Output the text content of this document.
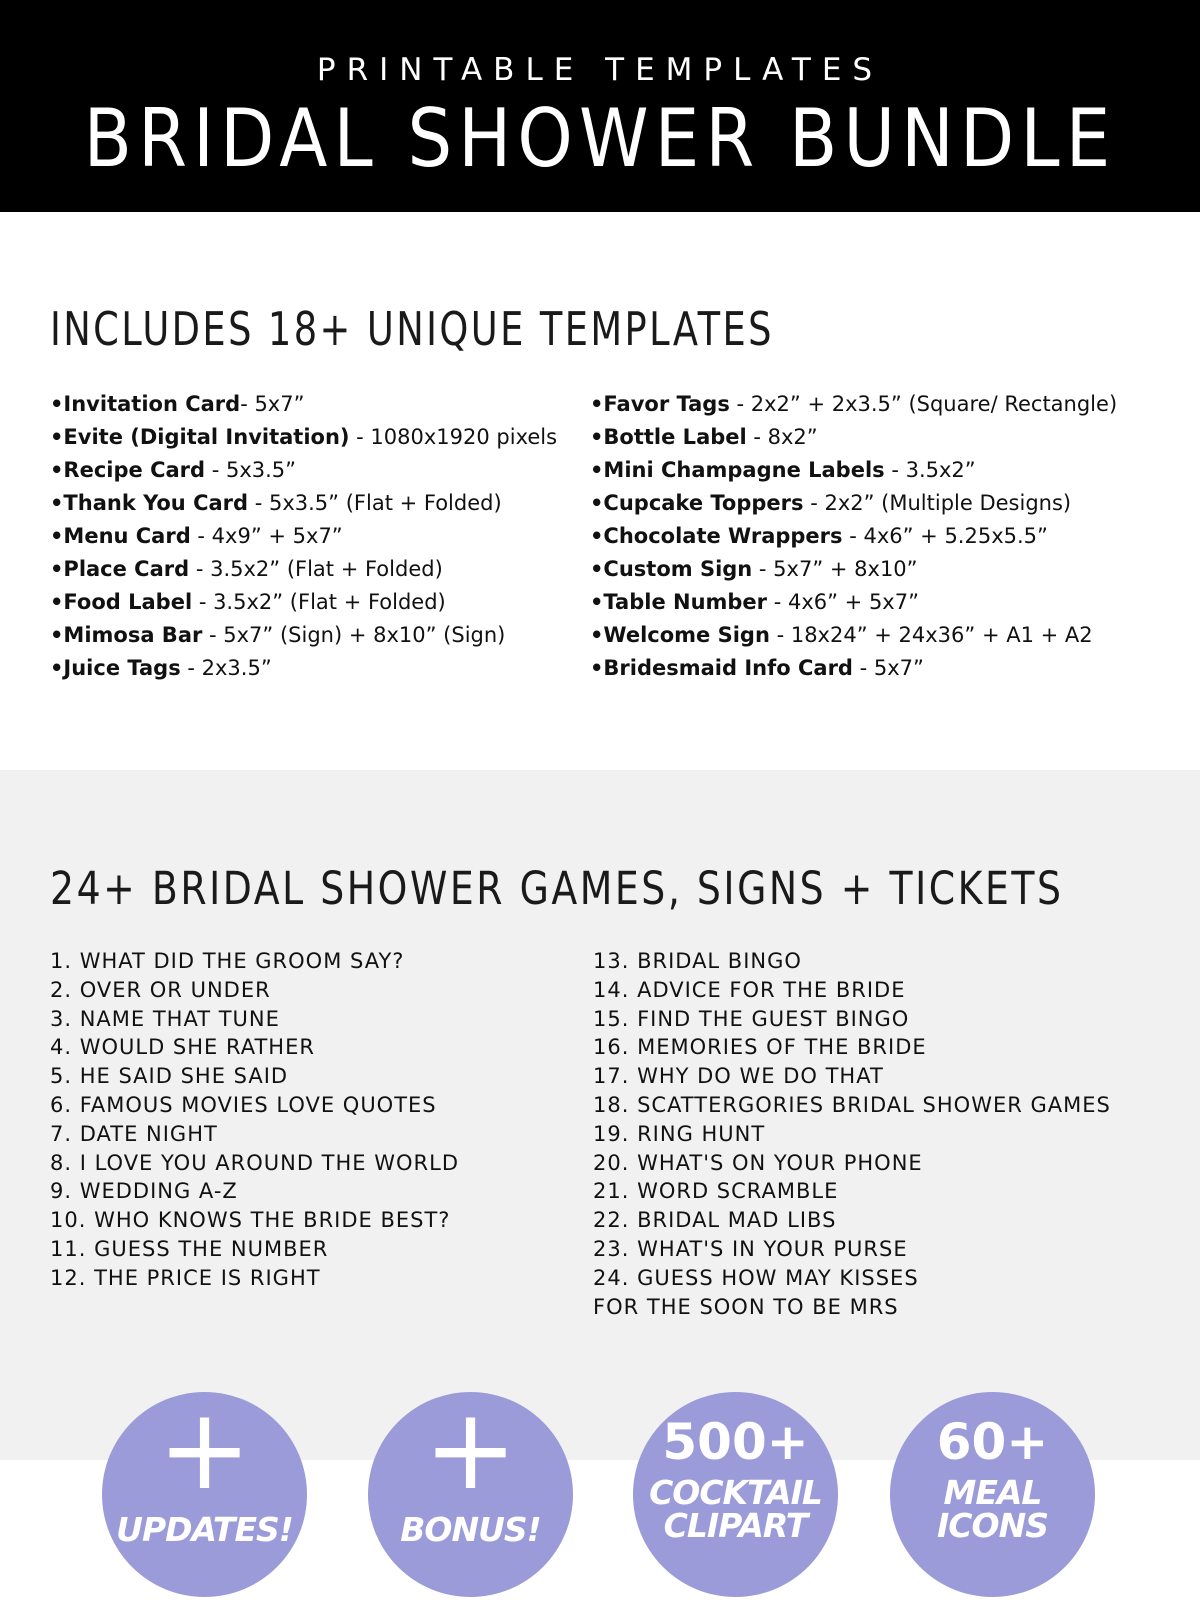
PRINTABLE TEMPLATES
BRIDAL SHOWER BUNDLE
INCLUDES 18+ UNIQUE TEMPLATES
•Invitation Card- 5x7”
•Evite (Digital Invitation) - 1080x1920 pixels
•Recipe Card - 5x3.5”
•Thank You Card - 5x3.5” (Flat + Folded)
•Menu Card - 4x9” + 5x7”
•Place Card - 3.5x2” (Flat + Folded)
•Food Label - 3.5x2” (Flat + Folded)
•Mimosa Bar - 5x7” (Sign) + 8x10” (Sign)
•Juice Tags - 2x3.5”
•Favor Tags - 2x2” + 2x3.5” (Square/ Rectangle)
•Bottle Label - 8x2”
•Mini Champagne Labels - 3.5x2”
•Cupcake Toppers - 2x2” (Multiple Designs)
•Chocolate Wrappers - 4x6” + 5.25x5.5”
•Custom Sign - 5x7” + 8x10”
•Table Number - 4x6” + 5x7”
•Welcome Sign - 18x24” + 24x36” + A1 + A2
•Bridesmaid Info Card - 5x7”
24+ BRIDAL SHOWER GAMES, SIGNS + TICKETS
1. WHAT DID THE GROOM SAY?
2. OVER OR UNDER
3. NAME THAT TUNE
4. WOULD SHE RATHER
5. HE SAID SHE SAID
6. FAMOUS MOVIES LOVE QUOTES
7. DATE NIGHT
8. I LOVE YOU AROUND THE WORLD
9. WEDDING A-Z
10. WHO KNOWS THE BRIDE BEST?
11. GUESS THE NUMBER
12. THE PRICE IS RIGHT
13. BRIDAL BINGO
14. ADVICE FOR THE BRIDE
15. FIND THE GUEST BINGO
16. MEMORIES OF THE BRIDE
17. WHY DO WE DO THAT
18. SCATTERGORIES BRIDAL SHOWER GAMES
19. RING HUNT
20. WHAT'S ON YOUR PHONE
21. WORD SCRAMBLE
22. BRIDAL MAD LIBS
23. WHAT'S IN YOUR PURSE
24. GUESS HOW MAY KISSES
FOR THE SOON TO BE MRS
+
UPDATES!
+
BONUS!
500+
COCKTAIL
CLIPART
60+
MEAL
ICONS
